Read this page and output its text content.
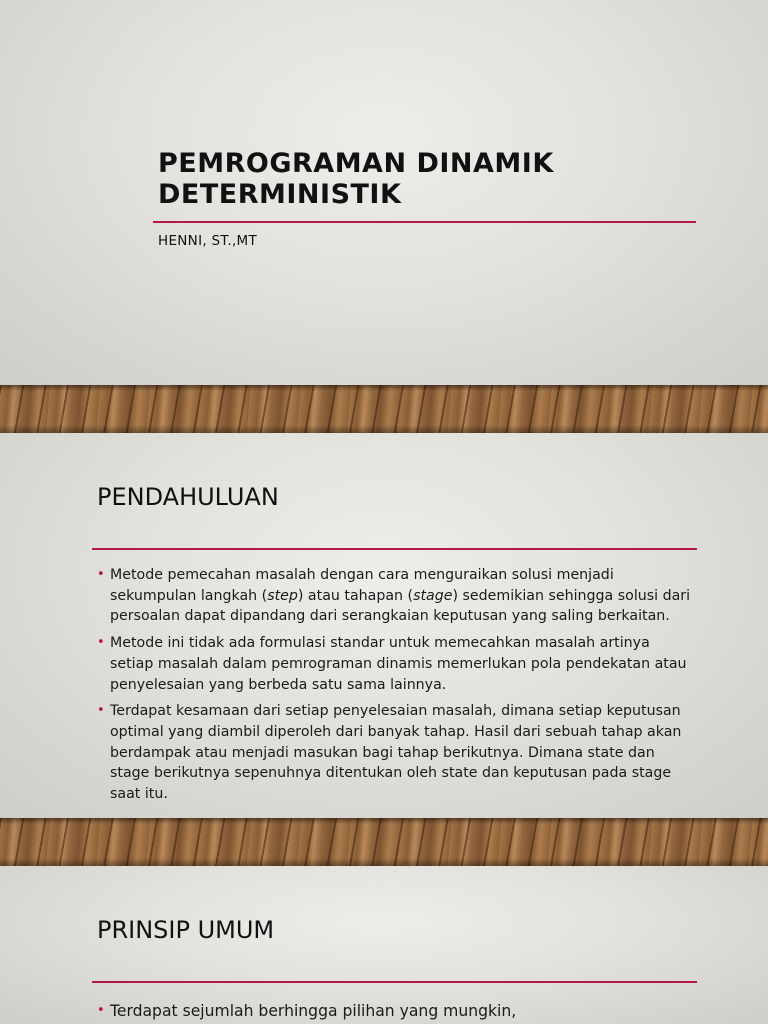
PEMROGRAMAN DINAMIK DETERMINISTIK
HENNI, ST.,MT
PENDAHULUAN
• Metode pemecahan masalah dengan cara menguraikan solusi menjadi sekumpulan langkah (step) atau tahapan (stage) sedemikian sehingga solusi dari persoalan dapat dipandang dari serangkaian keputusan yang saling berkaitan.
• Metode ini tidak ada formulasi standar untuk memecahkan masalah artinya setiap masalah dalam pemrograman dinamis memerlukan pola pendekatan atau penyelesaian yang berbeda satu sama lainnya.
• Terdapat kesamaan dari setiap penyelesaian masalah, dimana setiap keputusan optimal yang diambil diperoleh dari banyak tahap. Hasil dari sebuah tahap akan berdampak atau menjadi masukan bagi tahap berikutnya. Dimana state dan stage berikutnya sepenuhnya ditentukan oleh state dan keputusan pada stage saat itu.
PRINSIP UMUM
• Terdapat sejumlah berhingga pilihan yang mungkin,
